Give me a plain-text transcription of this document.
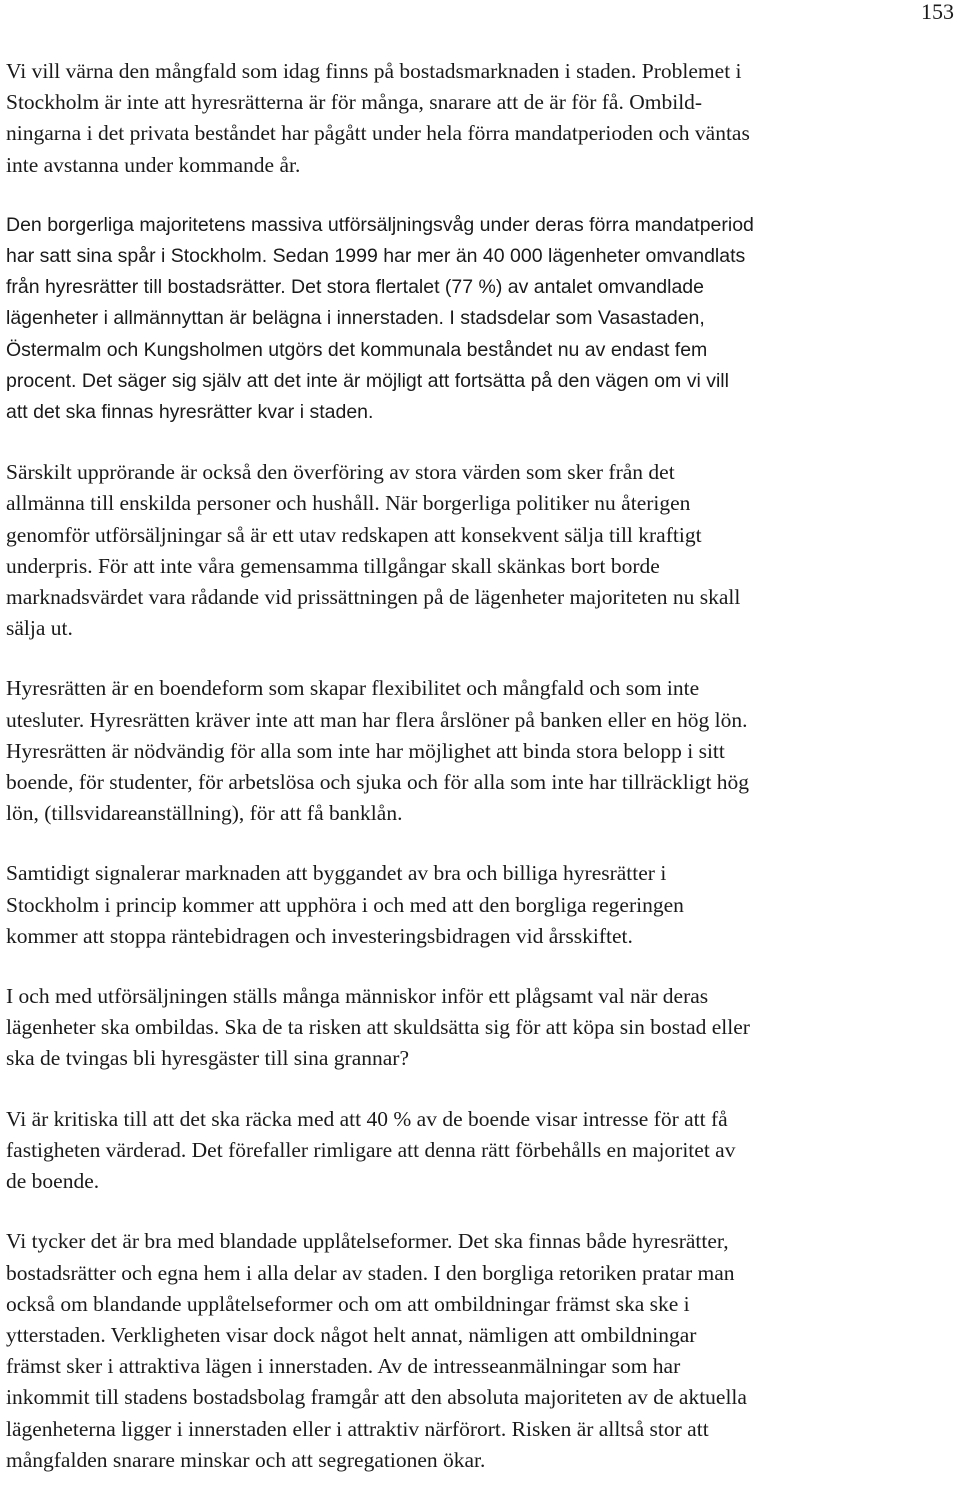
153

Vi vill värna den mångfald som idag finns på bostadsmarknaden i staden. Problemet i
Stockholm är inte att hyresrätterna är för många, snarare att de är för få. Ombild-
ningarna i det privata beståndet har pågått under hela förra mandatperioden och väntas
inte avstanna under kommande år.

Den borgerliga majoritetens massiva utförsäljningsvåg under deras förra mandatperiod
har satt sina spår i Stockholm. Sedan 1999 har mer än 40 000 lägenheter omvandlats
från hyresrätter till bostadsrätter. Det stora flertalet (77 %) av antalet omvandlade
lägenheter i allmännyttan är belägna i innerstaden. I stadsdelar som Vasastaden,
Östermalm och Kungsholmen utgörs det kommunala beståndet nu av endast fem
procent. Det säger sig själv att det inte är möjligt att fortsätta på den vägen om vi vill
att det ska finnas hyresrätter kvar i staden.

Särskilt upprörande är också den överföring av stora värden som sker från det
allmänna till enskilda personer och hushåll. När borgerliga politiker nu återigen
genomför utförsäljningar så är ett utav redskapen att konsekvent sälja till kraftigt
underpris. För att inte våra gemensamma tillgångar skall skänkas bort borde
marknadsvärdet vara rådande vid prissättningen på de lägenheter majoriteten nu skall
sälja ut.

Hyresrätten är en boendeform som skapar flexibilitet och mångfald och som inte
utesluter. Hyresrätten kräver inte att man har flera årslöner på banken eller en hög lön.
Hyresrätten är nödvändig för alla som inte har möjlighet att binda stora belopp i sitt
boende, för studenter, för arbetslösa och sjuka och för alla som inte har tillräckligt hög
lön, (tillsvidareanställning), för att få banklån.

Samtidigt signalerar marknaden att byggandet av bra och billiga hyresrätter i
Stockholm i princip kommer att upphöra i och med att den borgliga regeringen
kommer att stoppa räntebidragen och investeringsbidragen vid årsskiftet.

I och med utförsäljningen ställs många människor inför ett plågsamt val när deras
lägenheter ska ombildas. Ska de ta risken att skuldsätta sig för att köpa sin bostad eller
ska de tvingas bli hyresgäster till sina grannar?

Vi är kritiska till att det ska räcka med att 40 % av de boende visar intresse för att få
fastigheten värderad. Det förefaller rimligare att denna rätt förbehålls en majoritet av
de boende.

Vi tycker det är bra med blandade upplåtelseformer. Det ska finnas både hyresrätter,
bostadsrätter och egna hem i alla delar av staden. I den borgliga retoriken pratar man
också om blandande upplåtelseformer och om att ombildningar främst ska ske i
ytterstaden. Verkligheten visar dock något helt annat, nämligen att ombildningar
främst sker i attraktiva lägen i innerstaden. Av de intresseanmälningar som har
inkommit till stadens bostadsbolag framgår att den absoluta majoriteten av de aktuella
lägenheterna ligger i innerstaden eller i attraktiv närförort. Risken är alltså stor att
mångfalden snarare minskar och att segregationen ökar.
